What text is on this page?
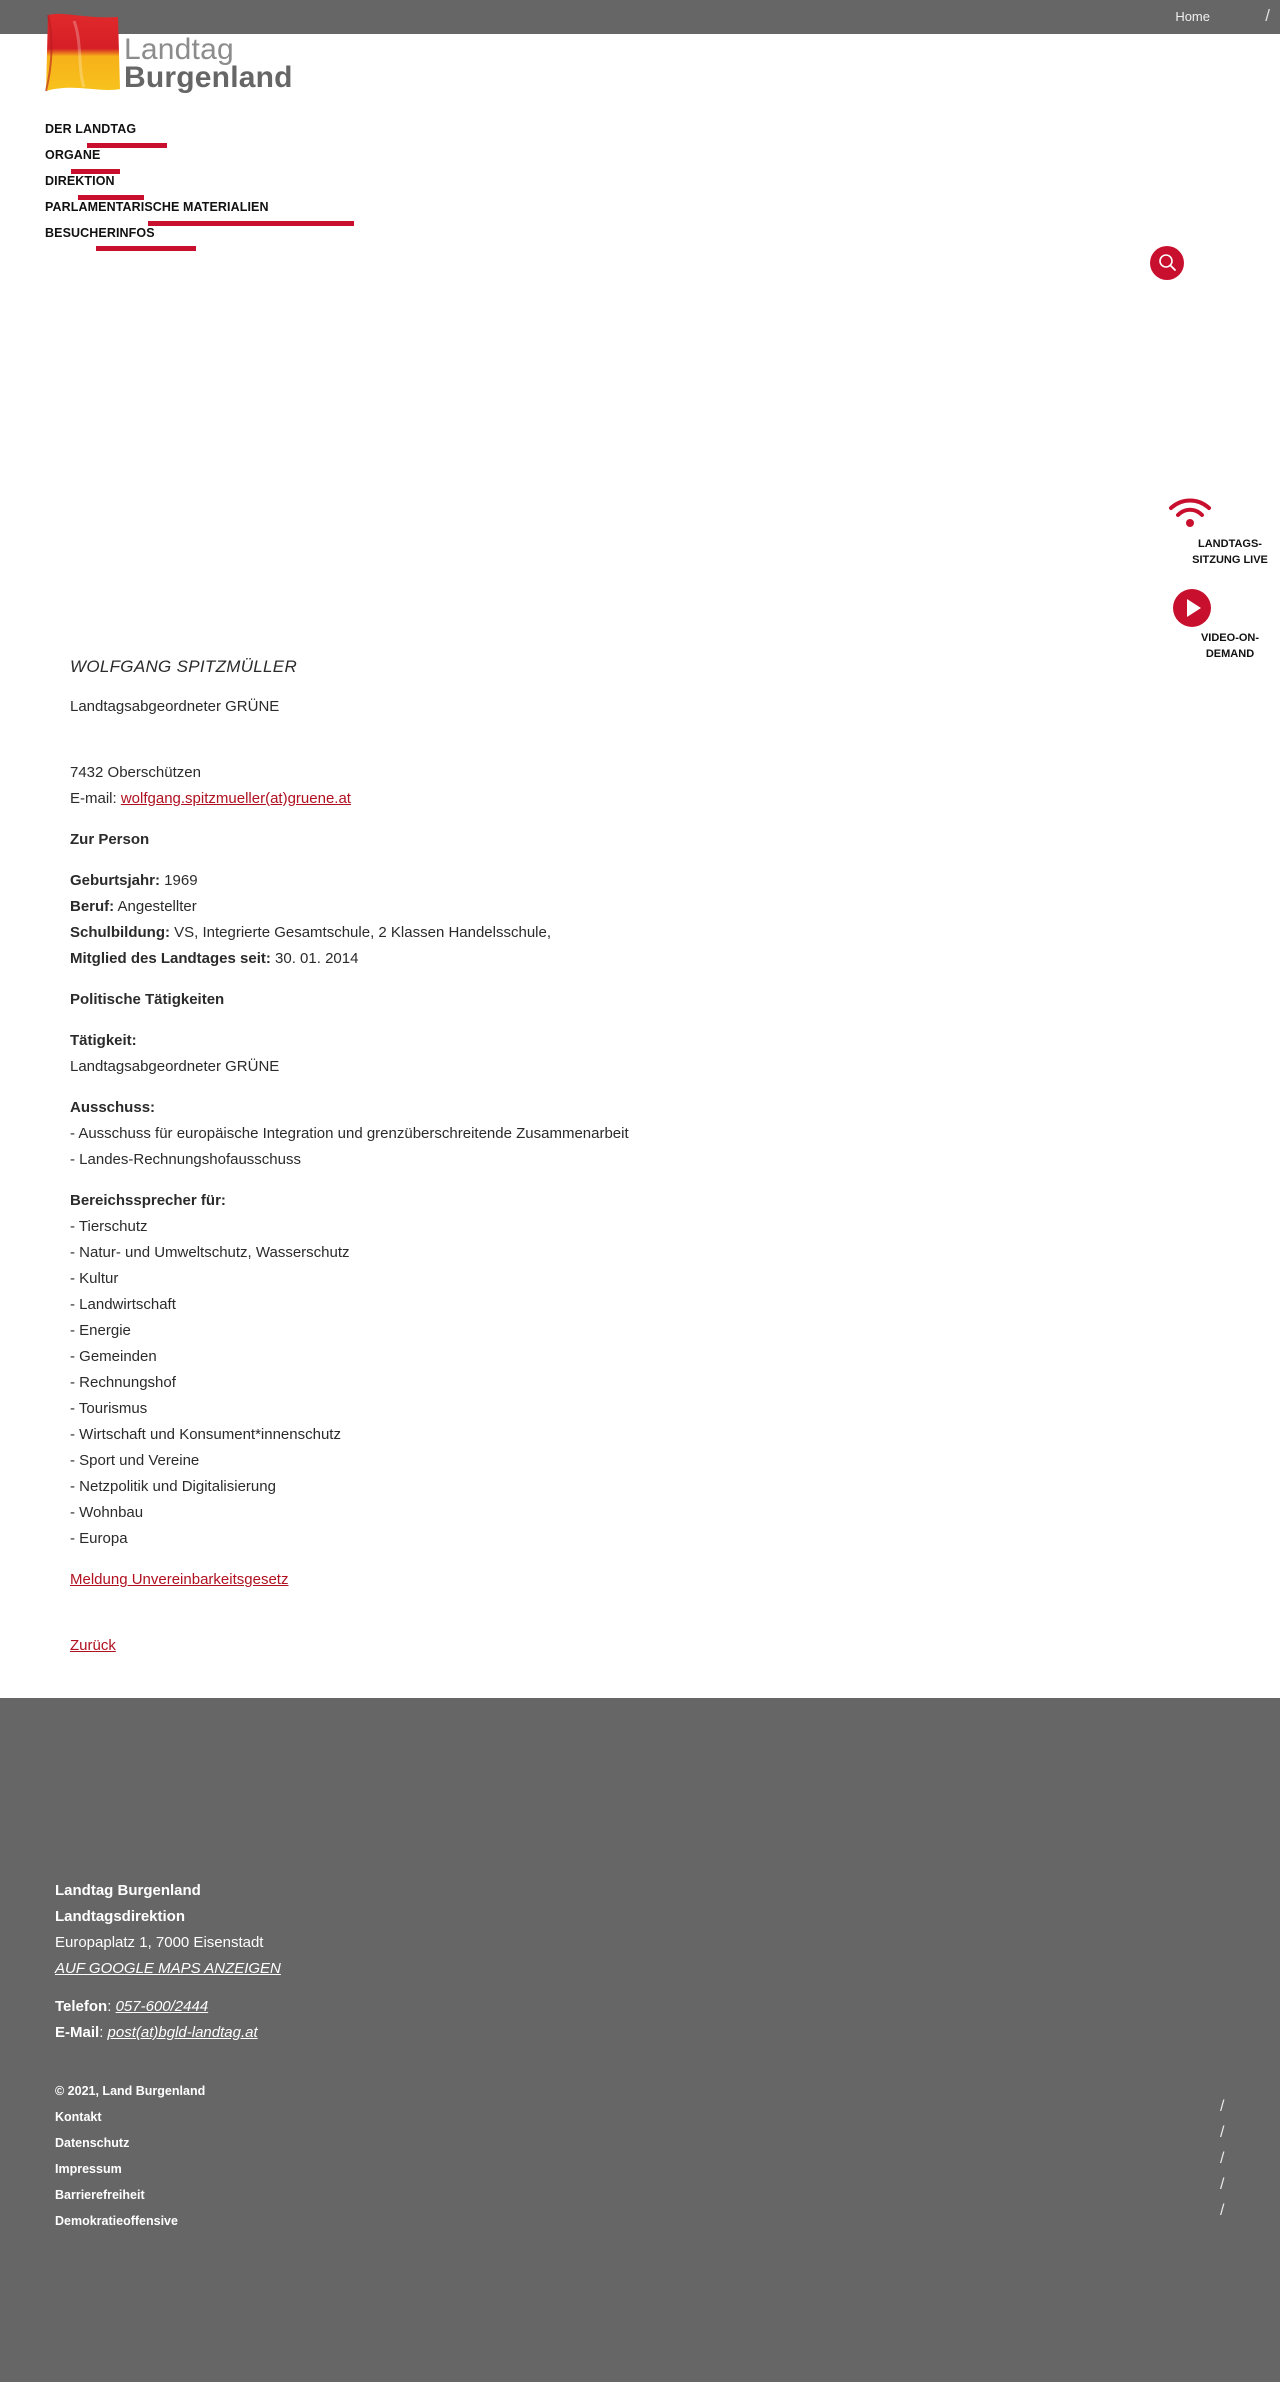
Home	/
Landtag
Burgenland
DER LANDTAG
ORGANE
DIREKTION
PARLAMENTARISCHE MATERIALIEN
BESUCHERINFOS
LANDTAGS-
SITZUNG LIVE
VIDEO-ON-
DEMAND

WOLFGANG SPITZMÜLLER

Landtagsabgeordneter GRÜNE

7432 Oberschützen

E-mail: wolfgang.spitzmueller(at)gruene.at

Zur Person

Geburtsjahr: 1969

Beruf: Angestellter

Schulbildung: VS, Integrierte Gesamtschule, 2 Klassen Handelsschule,

Mitglied des Landtages seit: 30. 01. 2014

Politische Tätigkeiten

Tätigkeit:

Landtagsabgeordneter GRÜNE

Ausschuss:

- Ausschuss für europäische Integration und grenzüberschreitende Zusammenarbeit

- Landes-Rechnungshofausschuss

Bereichssprecher für:

- Tierschutz

- Natur- und Umweltschutz, Wasserschutz

- Kultur

- Landwirtschaft

- Energie

- Gemeinden

- Rechnungshof

- Tourismus

- Wirtschaft und Konsument*innenschutz

- Sport und Vereine

- Netzpolitik und Digitalisierung

- Wohnbau

- Europa

Meldung Unvereinbarkeitsgesetz

Zurück

Landtag Burgenland
Landtagsdirektion
Europaplatz 1, 7000 Eisenstadt
AUF GOOGLE MAPS ANZEIGEN
Telefon: 057-600/2444
E-Mail: post(at)bgld-landtag.at
© 2021, Land Burgenland
Kontakt
Datenschutz
Impressum
Barrierefreiheit
Demokratieoffensive
/
/
/
/
/
